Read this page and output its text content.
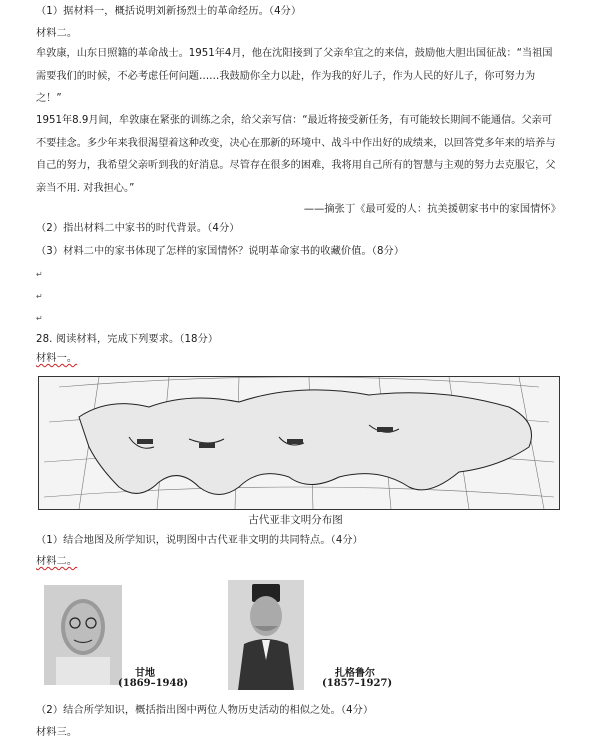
（1）据材料一，概括说明刘新扬烈士的革命经历。（4分）
材料二。
牟敦康，山东日照籍的革命战士。1951年4月，他在沈阳接到了父亲牟宜之的来信，鼓励他大胆出国征战：“当祖国需要我们的时候，不必考虑任何问题……我鼓励你全力以赴，作为我的好儿子，作为人民的好儿子，你可努力为之！”
1951年8.9月间，牟敦康在紧张的训练之余，给父亲写信：“最近将接受新任务，有可能较长期间不能通信。父亲可不要挂念。多少年来我很渴望着这种改变，决心在那新的环境中、战斗中作出好的成绩来，以回答党多年来的培养与自己的努力，我希望父亲听到我的好消息。尽管存在很多的困难，我将用自己所有的智慧与主观的努力去克服它，父亲当不用. 对我担心。”
——摘张丁《最可爱的人：抗美援朝家书中的家国情怀》
（2）指出材料二中家书的时代背景。（4分）
（3）材料二中的家书体现了怎样的家国情怀？说明革命家书的收藏价值。（8分）
↵
↵
↵
28. 阅读材料，完成下列要求。（18分）
材料一。
古代亚非文明分布图
（1）结合地图及所学知识，说明图中古代亚非文明的共同特点。（4分）
材料二。
甘地
(1869–1948)
扎格鲁尔
(1857–1927)
（2）结合所学知识，概括指出图中两位人物历史活动的相似之处。（4分）
材料三。
